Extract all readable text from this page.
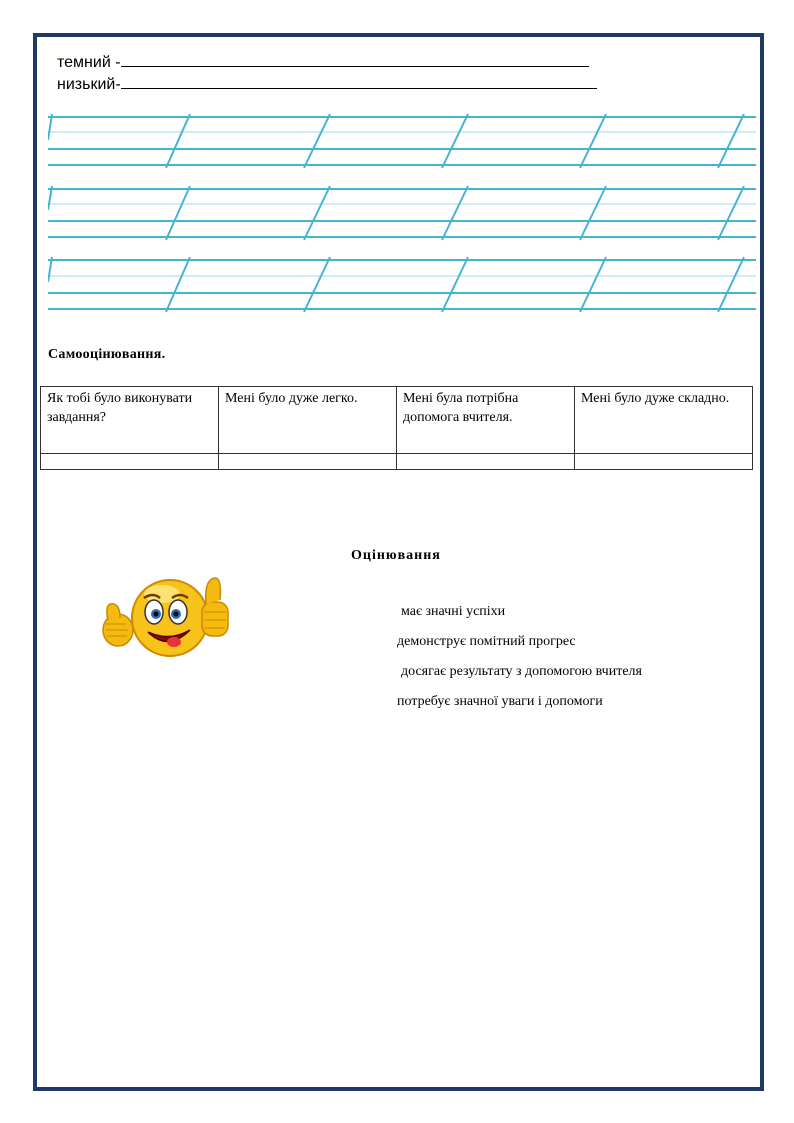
темний -
низький-
Самооцінювання.
Як тобі було виконувати завдання?	Мені було дуже легко.	Мені була потрібна допомога вчителя.	Мені було дуже складно.

Оцінювання
має значні успіхи
демонструє помітний прогрес
досягає результату з допомогою вчителя
потребує значної уваги і допомоги
